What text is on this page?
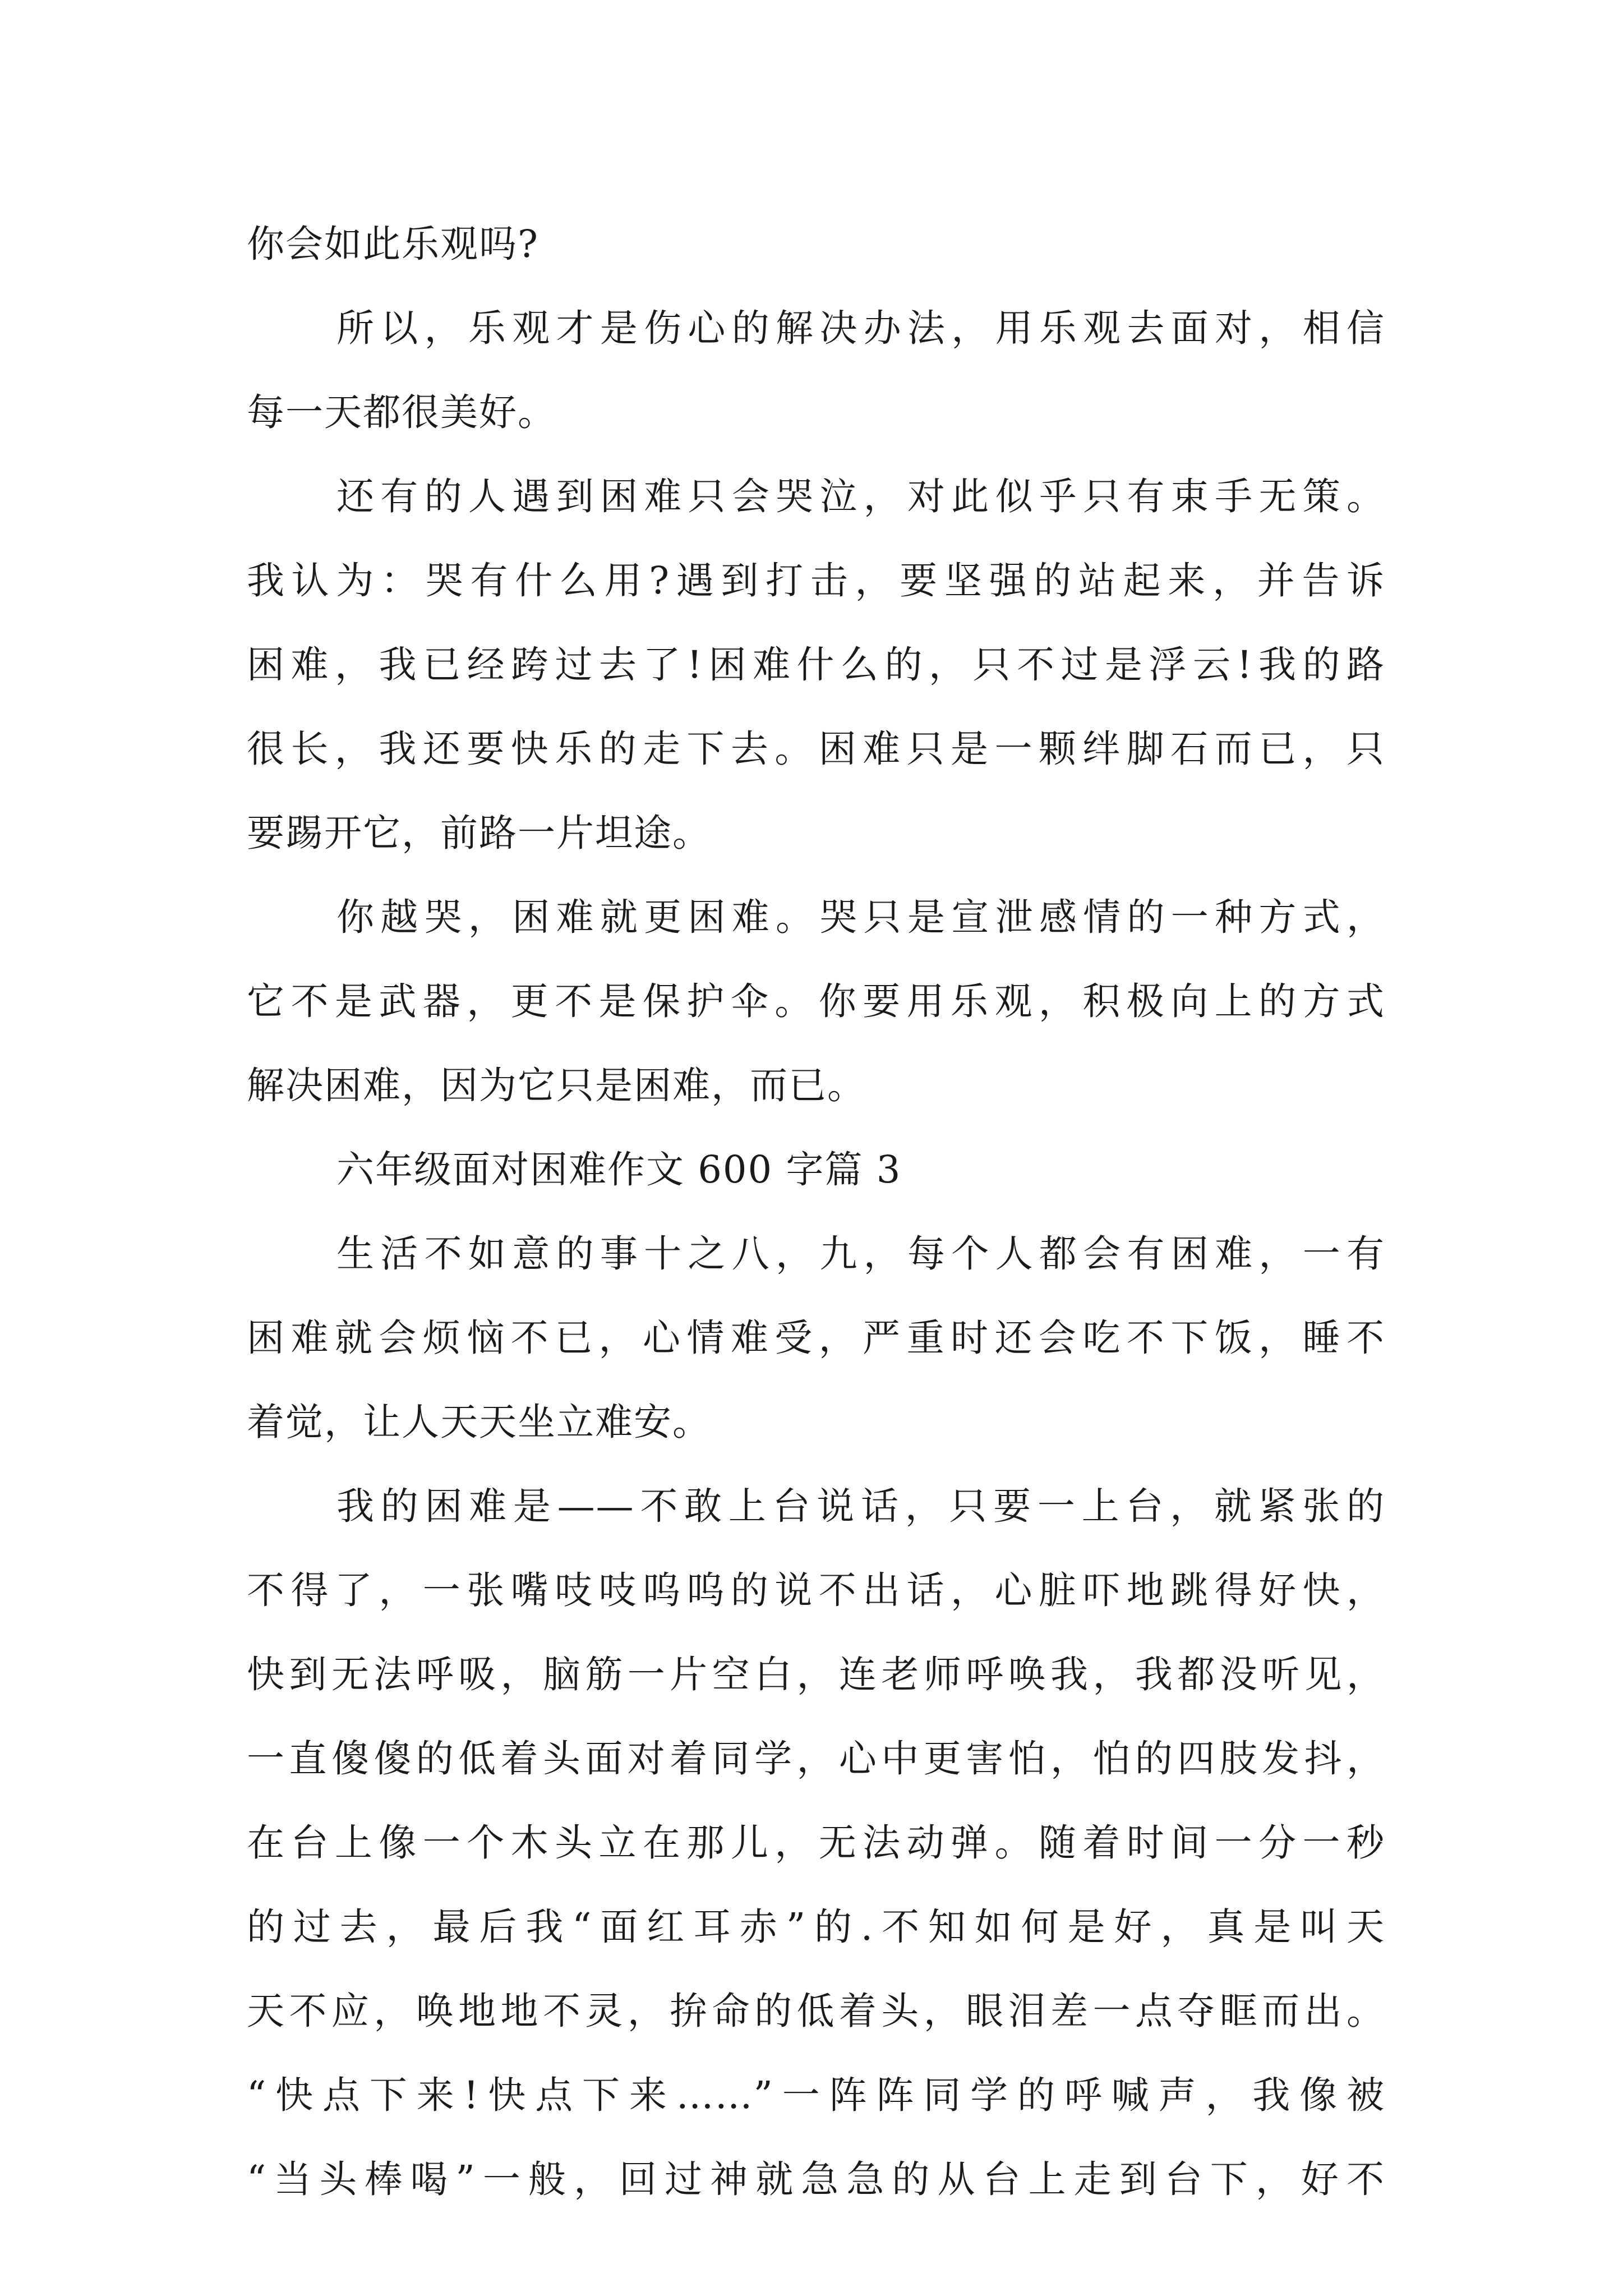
你会如此乐观吗?
所以，乐观才是伤心的解决办法，用乐观去面对，相信
每一天都很美好。
还有的人遇到困难只会哭泣，对此似乎只有束手无策。
我认为：哭有什么用?遇到打击，要坚强的站起来，并告诉
困难，我已经跨过去了!困难什么的，只不过是浮云!我的路
很长，我还要快乐的走下去。困难只是一颗绊脚石而已，只
要踢开它，前路一片坦途。
你越哭，困难就更困难。哭只是宣泄感情的一种方式，
它不是武器，更不是保护伞。你要用乐观，积极向上的方式
解决困难，因为它只是困难，而已。
六年级面对困难作文 600 字篇 3
生活不如意的事十之八，九，每个人都会有困难，一有
困难就会烦恼不已，心情难受，严重时还会吃不下饭，睡不
着觉，让人天天坐立难安。
我的困难是——不敢上台说话，只要一上台，就紧张的
不得了，一张嘴吱吱呜呜的说不出话，心脏吓地跳得好快，
快到无法呼吸，脑筋一片空白，连老师呼唤我，我都没听见，
一直傻傻的低着头面对着同学，心中更害怕，怕的四肢发抖，
在台上像一个木头立在那儿，无法动弹。随着时间一分一秒
的过去，最后我“面红耳赤”的.不知如何是好，真是叫天
天不应，唤地地不灵，拚命的低着头，眼泪差一点夺眶而出。
“快点下来!快点下来……”一阵阵同学的呼喊声，我像被
“当头棒喝”一般，回过神就急急的从台上走到台下，好不
